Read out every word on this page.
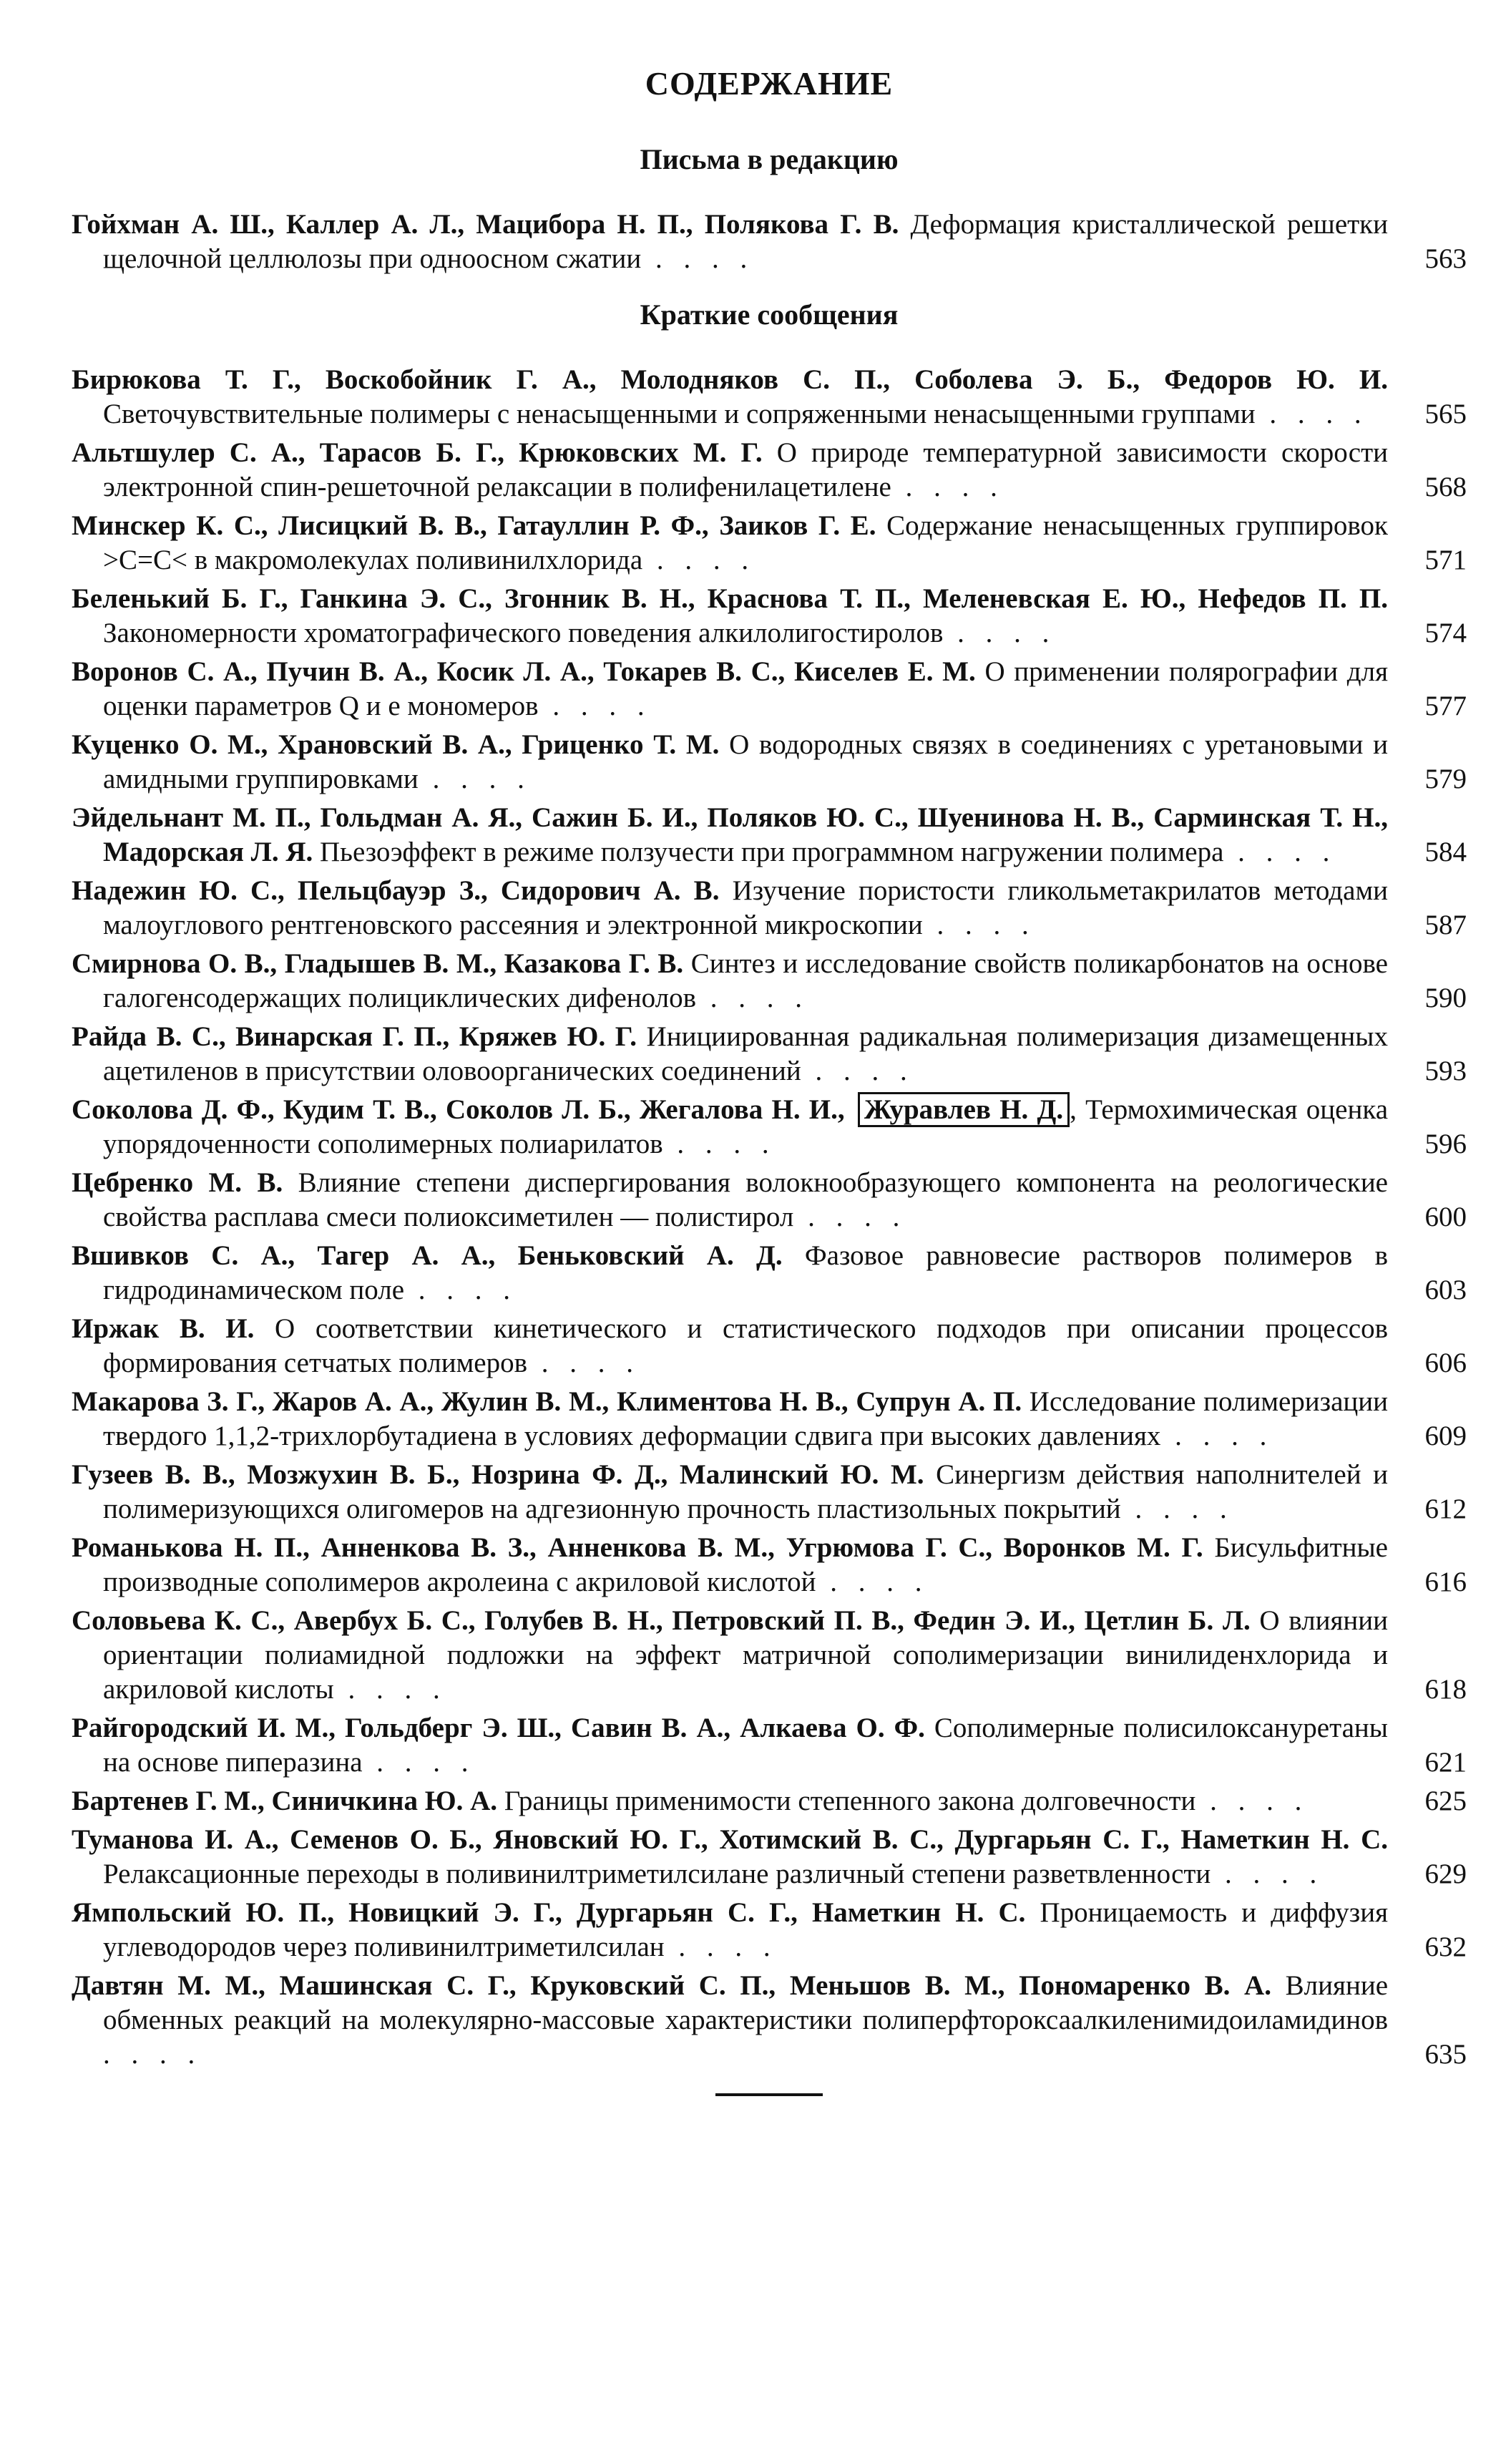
СОДЕРЖАНИЕ
Письма в редакцию
Гойхман А. Ш., Каллер А. Л., Мацибора Н. П., Полякова Г. В. Деформация кристаллической решетки щелочной целлюлозы при одноосном сжатии . . . .	563
Краткие сообщения
Бирюкова Т. Г., Воскобойник Г. А., Молодняков С. П., Соболева Э. Б., Федоров Ю. И. Светочувствительные полимеры с ненасыщенными и сопряженными ненасыщенными группами . . . .	565
Альтшулер С. А., Тарасов Б. Г., Крюковских М. Г. О природе температурной зависимости скорости электронной спин-решеточной релаксации в полифенилацетилене . . . .	568
Минскер К. С., Лисицкий В. В., Гатауллин Р. Ф., Заиков Г. Е. Содержание ненасыщенных группировок >C=C< в макромолекулах поливинилхлорида . . . .	571
Беленький Б. Г., Ганкина Э. С., Згонник В. Н., Краснова Т. П., Меленевская Е. Ю., Нефедов П. П. Закономерности хроматографического поведения алкилолигостиролов . . . .	574
Воронов С. А., Пучин В. А., Косик Л. А., Токарев В. С., Киселев Е. М. О применении полярографии для оценки параметров Q и e мономеров . . . .	577
Куценко О. М., Храновский В. А., Гриценко Т. М. О водородных связях в соединениях с уретановыми и амидными группировками . . . .	579
Эйдельнант М. П., Гольдман А. Я., Сажин Б. И., Поляков Ю. С., Шуенинова Н. В., Сарминская Т. Н., Мадорская Л. Я. Пьезоэффект в режиме ползучести при программном нагружении полимера . . . .	584
Надежин Ю. С., Пельцбауэр З., Сидорович А. В. Изучение пористости гликольметакрилатов методами малоуглового рентгеновского рассеяния и электронной микроскопии . . . .	587
Смирнова О. В., Гладышев В. М., Казакова Г. В. Синтез и исследование свойств поликарбонатов на основе галогенсодержащих полициклических дифенолов . . . .	590
Райда В. С., Винарская Г. П., Кряжев Ю. Г. Инициированная радикальная полимеризация дизамещенных ацетиленов в присутствии оловоорганических соединений . . . .	593
Соколова Д. Ф., Кудим Т. В., Соколов Л. Б., Жегалова Н. И., Журавлев Н. Д. , Термохимическая оценка упорядоченности сополимерных полиарилатов . . . .	596
Цебренко М. В. Влияние степени диспергирования волокнообразующего компонента на реологические свойства расплава смеси полиоксиметилен — полистирол . . . .	600
Вшивков С. А., Тагер А. А., Беньковский А. Д. Фазовое равновесие растворов полимеров в гидродинамическом поле . . . .	603
Иржак В. И. О соответствии кинетического и статистического подходов при описании процессов формирования сетчатых полимеров . . . .	606
Макарова З. Г., Жаров А. А., Жулин В. М., Климентова Н. В., Супрун А. П. Исследование полимеризации твердого 1,1,2-трихлорбутадиена в условиях деформации сдвига при высоких давлениях . . . .	609
Гузеев В. В., Мозжухин В. Б., Нозрина Ф. Д., Малинский Ю. М. Синергизм действия наполнителей и полимеризующихся олигомеров на адгезионную прочность пластизольных покрытий . . . .	612
Романькова Н. П., Анненкова В. З., Анненкова В. М., Угрюмова Г. С., Воронков М. Г. Бисульфитные производные сополимеров акролеина с акриловой кислотой . . . .	616
Соловьева К. С., Авербух Б. С., Голубев В. Н., Петровский П. В., Федин Э. И., Цетлин Б. Л. О влиянии ориентации полиамидной подложки на эффект матричной сополимеризации винилиденхлорида и акриловой кислоты . . . .	618
Райгородский И. М., Гольдберг Э. Ш., Савин В. А., Алкаева О. Ф. Сополимерные полисилоксануретаны на основе пиперазина . . . .	621
Бартенев Г. М., Синичкина Ю. А. Границы применимости степенного закона долговечности . . . .	625
Туманова И. А., Семенов О. Б., Яновский Ю. Г., Хотимский В. С., Дургарьян С. Г., Наметкин Н. С. Релаксационные переходы в поливинилтриметилсилане различный степени разветвленности . . . .	629
Ямпольский Ю. П., Новицкий Э. Г., Дургарьян С. Г., Наметкин Н. С. Проницаемость и диффузия углеводородов через поливинилтриметилсилан . . . .	632
Давтян М. М., Машинская С. Г., Круковский С. П., Меньшов В. М., Пономаренко В. А. Влияние обменных реакций на молекулярно-массовые характеристики полиперфтороксаалкиленимидоиламидинов . . . .	635
